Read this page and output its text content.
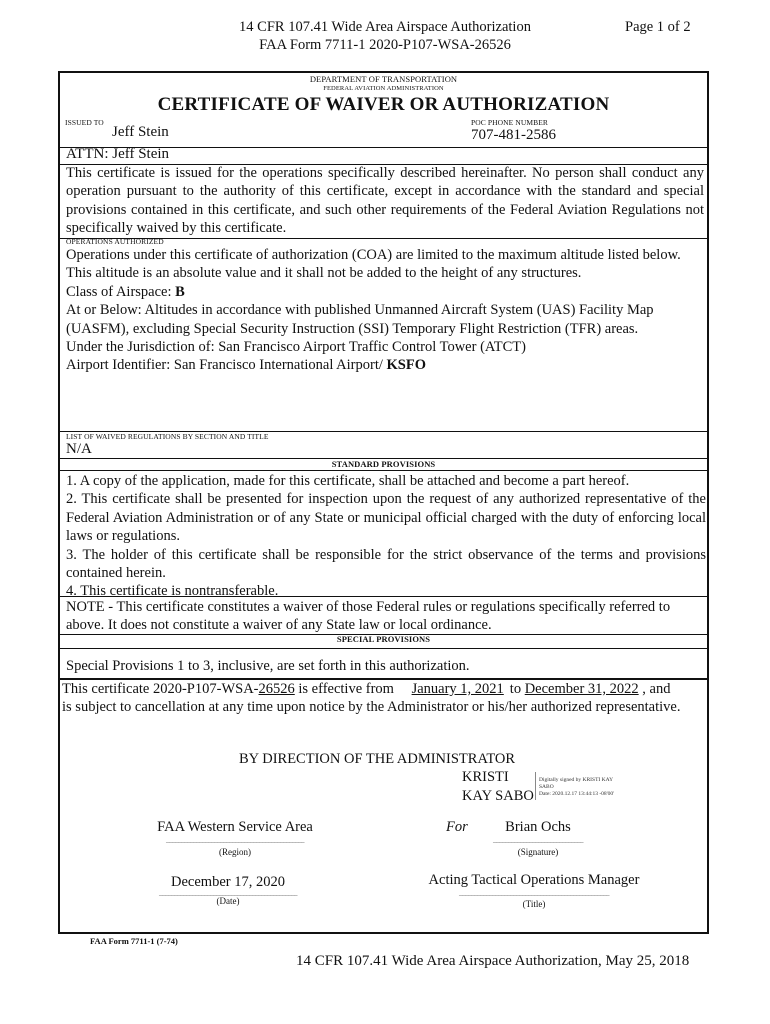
14 CFR 107.41 Wide Area Airspace Authorization
FAA Form 7711-1 2020-P107-WSA-26526
Page 1 of 2
DEPARTMENT OF TRANSPORTATION
FEDERAL AVIATION ADMINISTRATION
CERTIFICATE OF WAIVER OR AUTHORIZATION
ISSUED TO
Jeff Stein
POC PHONE NUMBER
707-481-2586
ATTN: Jeff Stein
This certificate is issued for the operations specifically described hereinafter. No person shall conduct any operation pursuant to the authority of this certificate, except in accordance with the standard and special provisions contained in this certificate, and such other requirements of the Federal Aviation Regulations not specifically waived by this certificate.
OPERATIONS AUTHORIZED
Operations under this certificate of authorization (COA) are limited to the maximum altitude listed below. This altitude is an absolute value and it shall not be added to the height of any structures.
Class of Airspace: B
At or Below: Altitudes in accordance with published Unmanned Aircraft System (UAS) Facility Map (UASFM), excluding Special Security Instruction (SSI) Temporary Flight Restriction (TFR) areas.
Under the Jurisdiction of: San Francisco Airport Traffic Control Tower (ATCT)
Airport Identifier: San Francisco International Airport/ KSFO
LIST OF WAIVED REGULATIONS BY SECTION AND TITLE
N/A
STANDARD PROVISIONS
1. A copy of the application, made for this certificate, shall be attached and become a part hereof.
2. This certificate shall be presented for inspection upon the request of any authorized representative of the Federal Aviation Administration or of any State or municipal official charged with the duty of enforcing local laws or regulations.
3. The holder of this certificate shall be responsible for the strict observance of the terms and provisions contained herein.
4. This certificate is nontransferable.
NOTE - This certificate constitutes a waiver of those Federal rules or regulations specifically referred to above. It does not constitute a waiver of any State law or local ordinance.
SPECIAL PROVISIONS
Special Provisions 1 to 3, inclusive, are set forth in this authorization.
This certificate 2020-P107-WSA-26526 is effective from January 1, 2021 to December 31, 2022 , and
is subject to cancellation at any time upon notice by the Administrator or his/her authorized representative.
BY DIRECTION OF THE ADMINISTRATOR
KRISTI
KAY SABO
Digitally signed by KRISTI KAY
SABO
Date: 2020.12.17 13:44:13 -08'00'
FAA Western Service Area
______________________________________________
(Region)
For	Brian Ochs
______________________________
(Signature)
December 17, 2020
______________________________________________
(Date)
Acting Tactical Operations Manager
__________________________________________________
(Title)
FAA Form 7711-1 (7-74)
14 CFR 107.41 Wide Area Airspace Authorization, May 25, 2018
